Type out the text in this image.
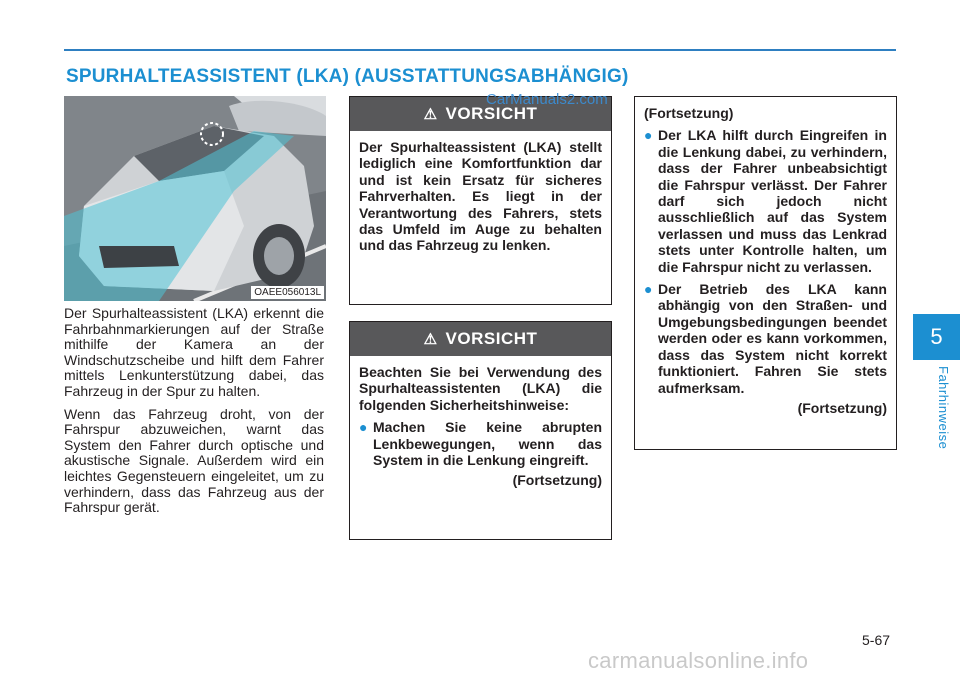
SPURHALTEASSISTENT (LKA) (AUSSTATTUNGSABHÄNGIG)
OAEE056013L

Der Spurhalteassistent (LKA) erkennt die Fahrbahnmarkierungen auf der Straße mithilfe der Kamera an der Windschutzscheibe und hilft dem Fahrer mittels Lenkunterstützung dabei, das Fahrzeug in der Spur zu halten.

Wenn das Fahrzeug droht, von der Fahrspur abzuweichen, warnt das System den Fahrer durch optische und akustische Signale. Außerdem wird ein leichtes Gegensteuern eingeleitet, um zu verhindern, dass das Fahrzeug aus der Fahrspur gerät.

⚠ VORSICHT

Der Spurhalteassistent (LKA) stellt lediglich eine Komfortfunktion dar und ist kein Ersatz für sicheres Fahrverhalten. Es liegt in der Verantwortung des Fahrers, stets das Umfeld im Auge zu behalten und das Fahrzeug zu lenken.

⚠ VORSICHT

Beachten Sie bei Verwendung des Spurhalteassistenten (LKA) die folgenden Sicherheitshinweise:

● Machen Sie keine abrupten Lenkbewegungen, wenn das System in die Lenkung eingreift.
(Fortsetzung)

(Fortsetzung)

● Der LKA hilft durch Eingreifen in die Lenkung dabei, zu verhindern, dass der Fahrer unbeabsichtigt die Fahrspur verlässt. Der Fahrer darf sich jedoch nicht ausschließlich auf das System verlassen und muss das Lenkrad stets unter Kontrolle halten, um die Fahrspur nicht zu verlassen.
● Der Betrieb des LKA kann abhängig von den Straßen- und Umgebungsbedingungen beendet werden oder es kann vorkommen, dass das System nicht korrekt funktioniert. Fahren Sie stets aufmerksam.
(Fortsetzung)
CarManuals2.com
5
Fahrhinweise
5-67
carmanualsonline.info
